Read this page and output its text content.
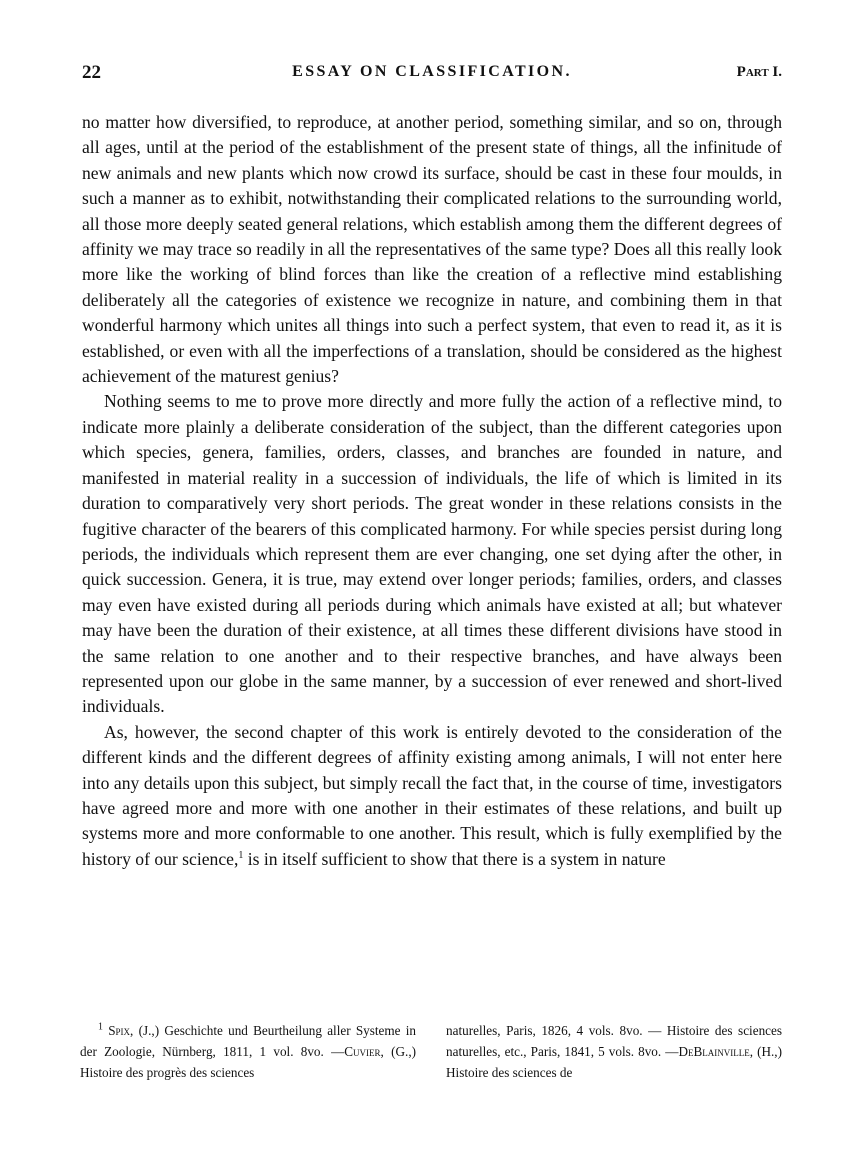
22	ESSAY ON CLASSIFICATION.	Part I.

no matter how diversified, to reproduce, at another period, something similar, and so on, through all ages, until at the period of the establishment of the present state of things, all the infinitude of new animals and new plants which now crowd its surface, should be cast in these four moulds, in such a manner as to exhibit, notwithstanding their complicated relations to the surrounding world, all those more deeply seated general relations, which establish among them the different degrees of affinity we may trace so readily in all the representatives of the same type? Does all this really look more like the working of blind forces than like the creation of a reflective mind establishing deliberately all the categories of existence we recognize in nature, and combining them in that wonderful harmony which unites all things into such a perfect system, that even to read it, as it is established, or even with all the imperfections of a translation, should be considered as the highest achievement of the maturest genius?

Nothing seems to me to prove more directly and more fully the action of a reflective mind, to indicate more plainly a deliberate consideration of the subject, than the different categories upon which species, genera, families, orders, classes, and branches are founded in nature, and manifested in material reality in a succession of individuals, the life of which is limited in its duration to comparatively very short periods. The great wonder in these relations consists in the fugitive character of the bearers of this complicated harmony. For while species persist during long periods, the individuals which represent them are ever changing, one set dying after the other, in quick succession. Genera, it is true, may extend over longer periods; families, orders, and classes may even have existed during all periods during which animals have existed at all; but whatever may have been the duration of their existence, at all times these different divisions have stood in the same relation to one another and to their respective branches, and have always been represented upon our globe in the same manner, by a succession of ever renewed and short-lived individuals.

As, however, the second chapter of this work is entirely devoted to the consideration of the different kinds and the different degrees of affinity existing among animals, I will not enter here into any details upon this subject, but simply recall the fact that, in the course of time, investigators have agreed more and more with one another in their estimates of these relations, and built up systems more and more conformable to one another. This result, which is fully exemplified by the history of our science,$^1$ is in itself sufficient to show that there is a system in nature

$^1$ Spix, (J.,) Geschichte und Beurtheilung aller Systeme in der Zoologie, Nürnberg, 1811, 1 vol. 8vo. —Cuvier, (G.,) Histoire des progrès des sciences

naturelles, Paris, 1826, 4 vols. 8vo. — Histoire des sciences naturelles, etc., Paris, 1841, 5 vols. 8vo. —DeBlainville, (H.,) Histoire des sciences de
